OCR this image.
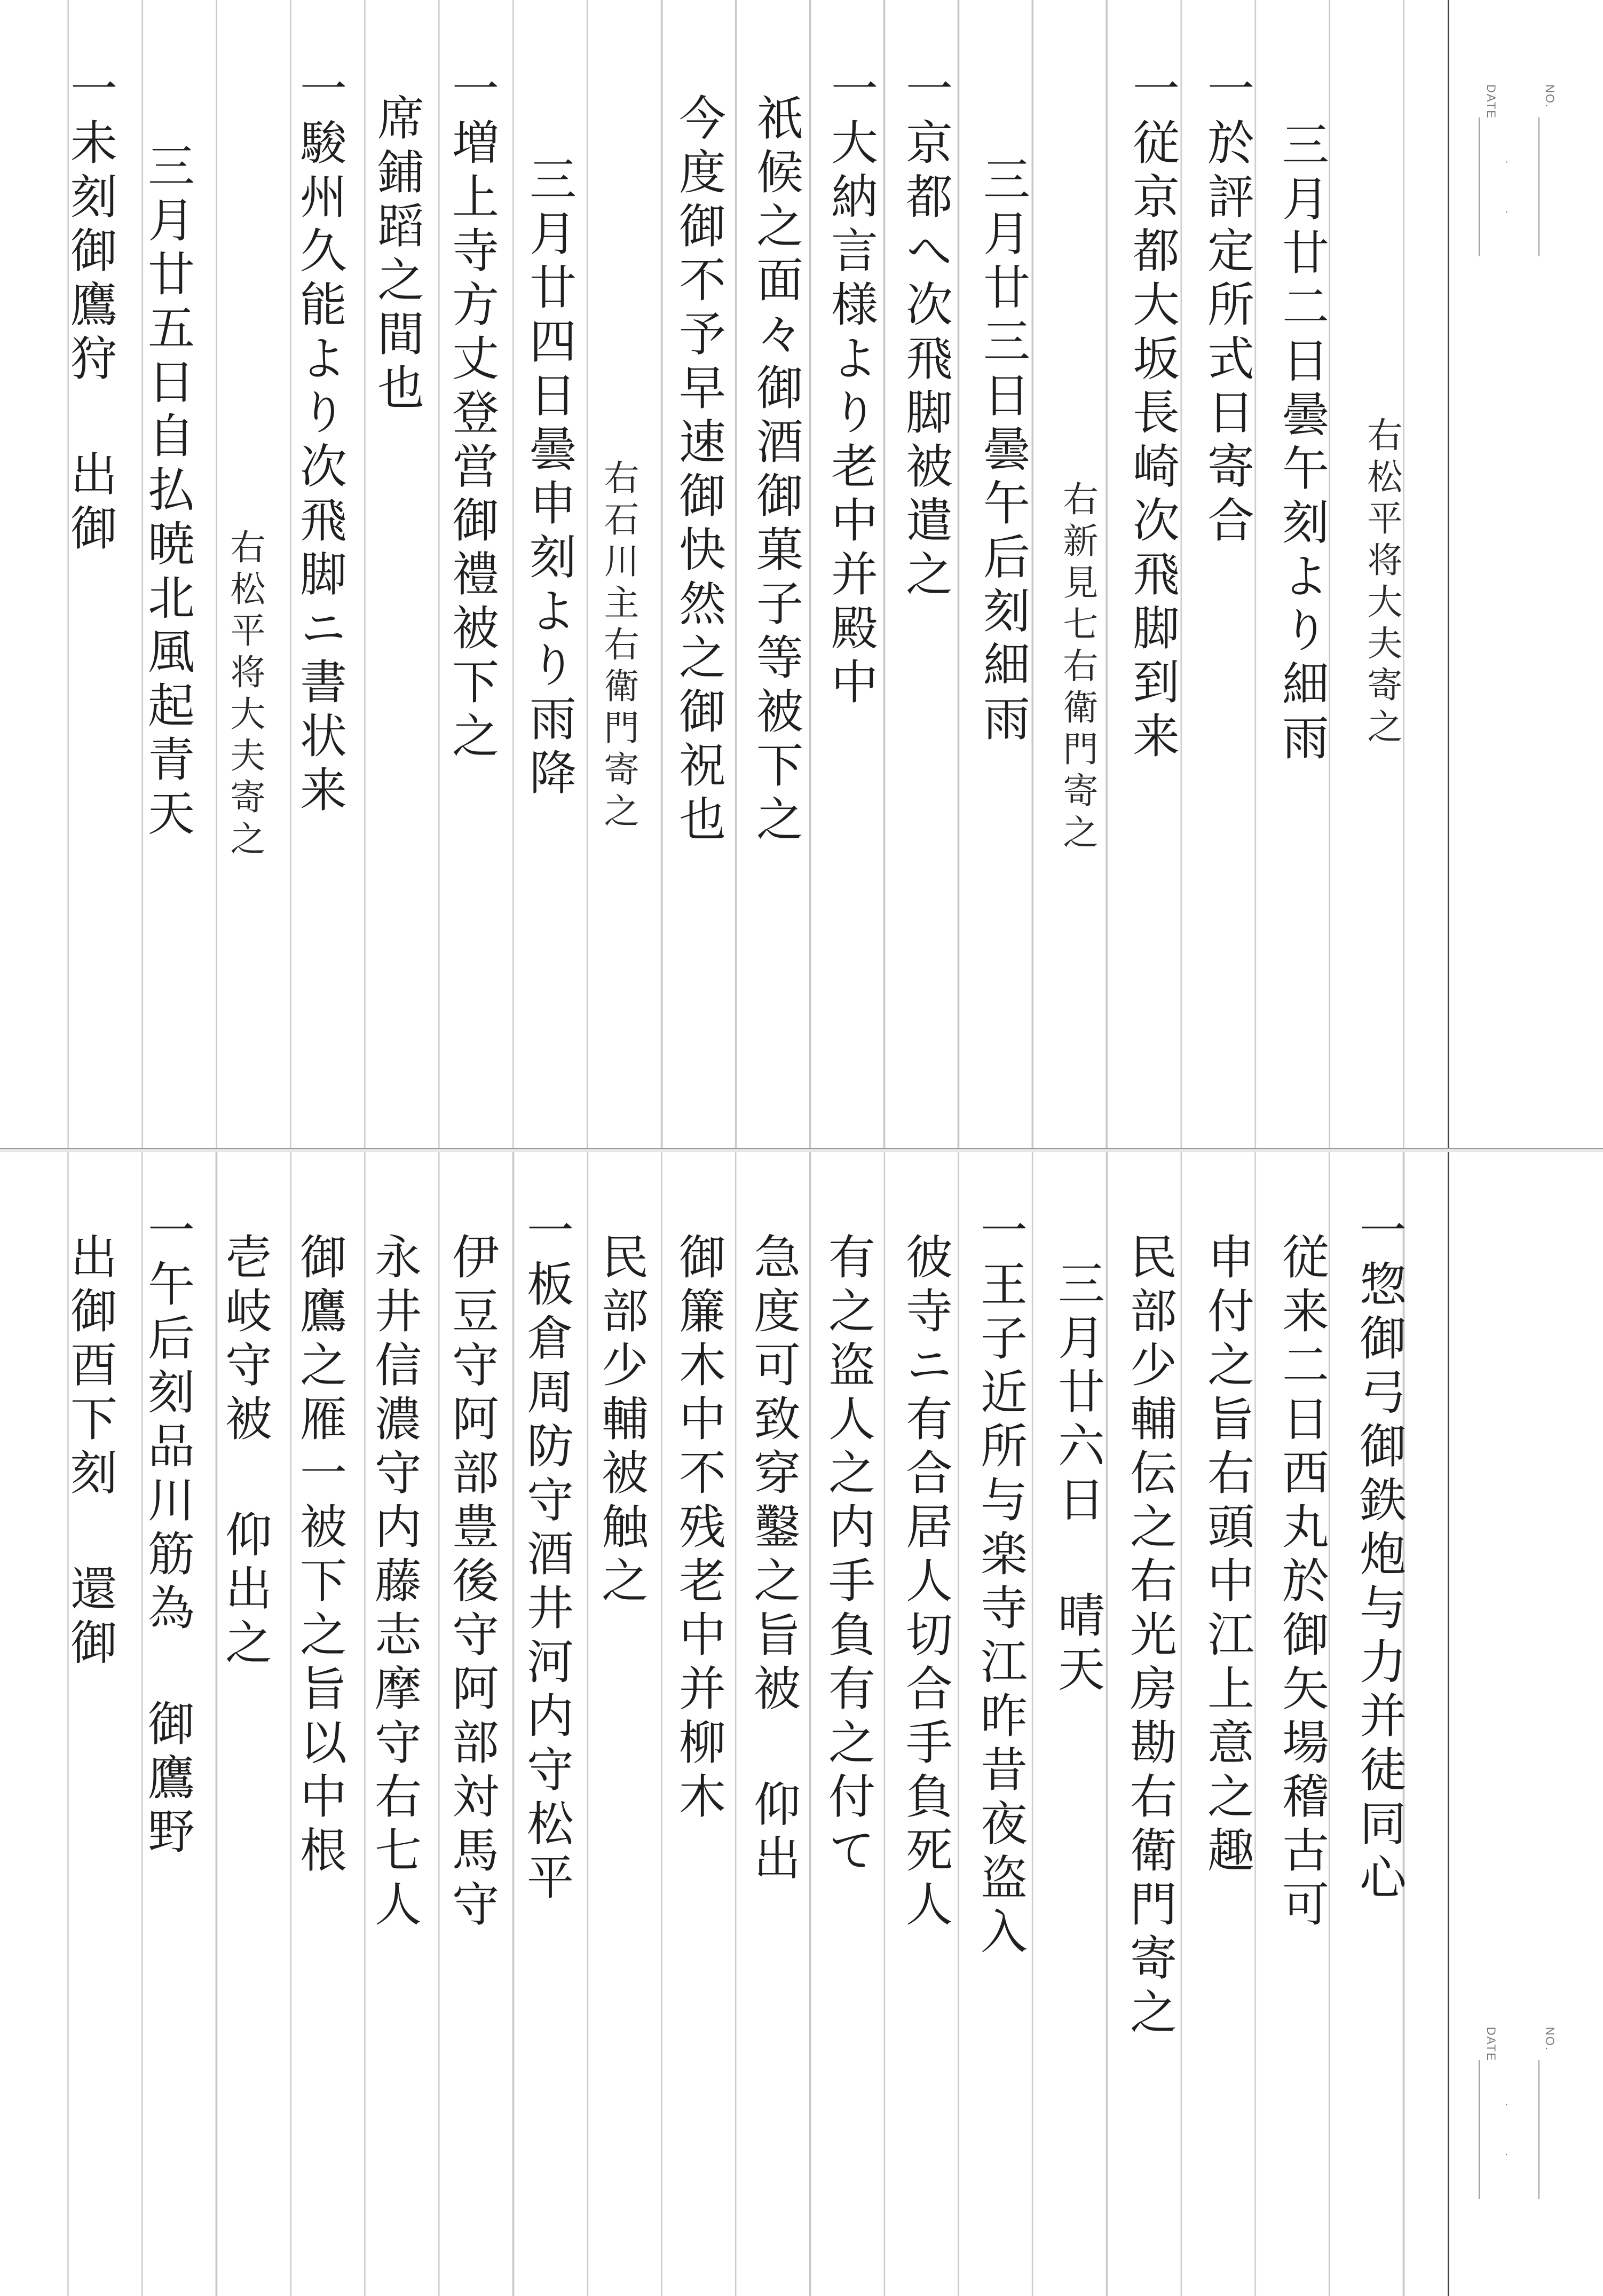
NO.
DATE
· ·
右松平将大夫寄之
三月廿二日曇午刻より細雨
一於評定所式日寄合
一従京都大坂長崎次飛脚到来
右新見七右衛門寄之
三月廿三日曇午后刻細雨
一京都へ次飛脚被遣之
一大納言様より老中并殿中
祇候之面々御酒御菓子等被下之
今度御不予早速御快然之御祝也
右石川主右衛門寄之
三月廿四日曇申刻より雨降
一増上寺方丈登営御禮被下之
席鋪蹈之間也
一駿州久能より次飛脚ニ書状来
右松平将大夫寄之
三月廿五日自払暁北風起青天
一未刻御鷹狩 出御
NO.
DATE
· ·
一惣御弓御鉄炮与力并徒同心
従来二日西丸於御矢場稽古可
申付之旨右頭中江上意之趣
民部少輔伝之右光房勘右衛門寄之
三月廿六日 晴天
一王子近所与楽寺江昨昔夜盗入
彼寺ニ有合居人切合手負死人
有之盗人之内手負有之付て
急度可致穿鑿之旨被 仰出
御簾木中不残老中并柳木
民部少輔被触之
一板倉周防守酒井河内守松平
伊豆守阿部豊後守阿部対馬守
永井信濃守内藤志摩守右七人
御鷹之雁一被下之旨以中根
壱岐守被 仰出之
一午后刻品川筋為 御鷹野
出御酉下刻 還御
